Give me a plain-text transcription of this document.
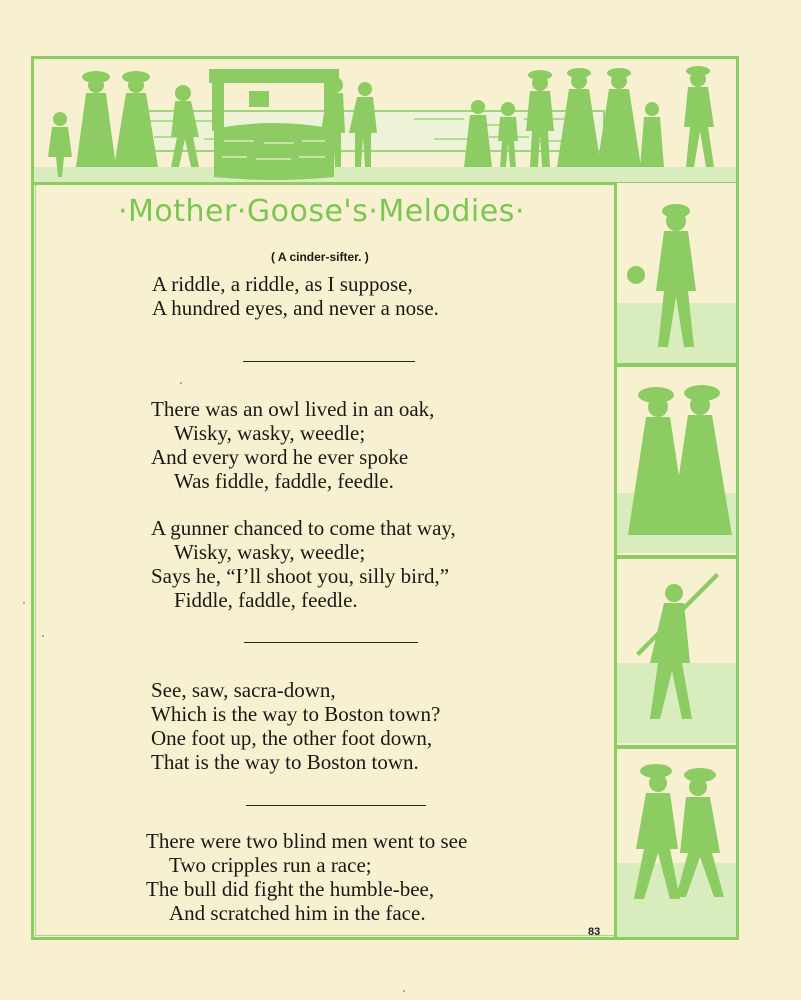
·Mother·Goose's·Melodies·
( A cinder-sifter. )
A riddle, a riddle, as I suppose,
A hundred eyes, and never a nose.
There was an owl lived in an oak,
Wisky, wasky, weedle;
And every word he ever spoke
Was fiddle, faddle, feedle.
A gunner chanced to come that way,
Wisky, wasky, weedle;
Says he, “I’ll shoot you, silly bird,”
Fiddle, faddle, feedle.
See, saw, sacra-down,
Which is the way to Boston town?
One foot up, the other foot down,
That is the way to Boston town.
There were two blind men went to see
Two cripples run a race;
The bull did fight the humble-bee,
And scratched him in the face.
83
